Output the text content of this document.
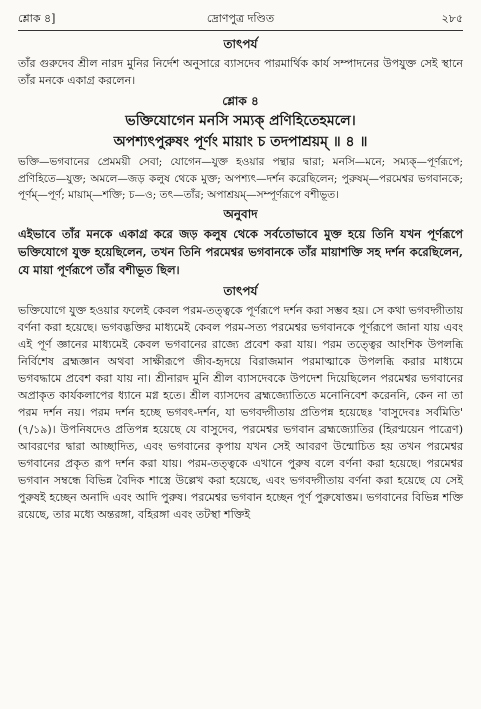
শ্লোক ৪]	দ্রোণপুত্র দণ্ডিত	২৮৫
তাৎপর্য

তাঁর গুরুদেব শ্রীল নারদ মুনির নির্দেশ অনুসারে ব্যাসদেব পারমার্থিক কার্য সম্পাদনের উপযুক্ত সেই স্থানে তাঁর মনকে একাগ্র করলেন।

শ্লোক ৪
ভক্তিযোগেন মনসি সম্যক্ প্রণিহিতেহমলে।
অপশ্যৎপুরুষং পূর্ণং মায়াং চ তদপাশ্রয়ম্ ॥ ৪ ॥

ভক্তি—ভগবানের প্রেমময়ী সেবা; যোগেন—যুক্ত হওয়ার পন্থার দ্বারা; মনসি—মনে; সম্যক্—পূর্ণরূপে; প্রণিহিতে—যুক্ত; অমলে—জড় কলুষ থেকে মুক্ত; অপশ্যৎ—দর্শন করেছিলেন; পুরুষম্—পরমেশ্বর ভগবানকে; পূর্ণম্—পূর্ণ; মায়াম্—শক্তি; চ—ও; তৎ—তাঁর; অপাশ্রয়ম্—সম্পূর্ণরূপে বশীভূত।

অনুবাদ

এইভাবে তাঁর মনকে একাগ্র করে জড় কলুষ থেকে সর্বতোভাবে মুক্ত হয়ে তিনি যখন পূর্ণরূপে ভক্তিযোগে যুক্ত হয়েছিলেন, তখন তিনি পরমেশ্বর ভগবানকে তাঁর মায়াশক্তি সহ দর্শন করেছিলেন, যে মায়া পূর্ণরূপে তাঁর বশীভূত ছিল।

তাৎপর্য

ভক্তিযোগে যুক্ত হওয়ার ফলেই কেবল পরম-তত্ত্বকে পূর্ণরূপে দর্শন করা সম্ভব হয়। সে কথা ভগবদ্গীতায় বর্ণনা করা হয়েছে। ভগবদ্ভক্তির মাধ্যমেই কেবল পরম-সত্য পরমেশ্বর ভগবানকে পূর্ণরূপে জানা যায় এবং এই পূর্ণ জ্ঞানের মাধ্যমেই কেবল ভগবানের রাজ্যে প্রবেশ করা যায়। পরম তত্ত্বের আংশিক উপলব্ধি নির্বিশেষ ব্রহ্মজ্ঞান অথবা সাক্ষীরূপে জীব-হৃদয়ে বিরাজমান পরমাত্মাকে উপলব্ধি করার মাধ্যমে ভগবদ্ধামে প্রবেশ করা যায় না। শ্রীনারদ মুনি শ্রীল ব্যাসদেবকে উপদেশ দিয়েছিলেন পরমেশ্বর ভগবানের অপ্রাকৃত কার্যকলাপের ধ্যানে মগ্ন হতে। শ্রীল ব্যাসদেব ব্রহ্মজ্যোতিতে মনোনিবেশ করেননি, কেন না তা পরম দর্শন নয়। পরম দর্শন হচ্ছে ভগবৎ-দর্শন, যা ভগবদ্গীতায় প্রতিপন্ন হয়েছেঃ 'বাসুদেবঃ সর্বমিতি' (৭/১৯)। উপনিষদেও প্রতিপন্ন হয়েছে যে বাসুদেব, পরমেশ্বর ভগবান ব্রহ্মজ্যোতির (হিরণ্ময়েন পাত্রেণ) আবরণের দ্বারা আচ্ছাদিত, এবং ভগবানের কৃপায় যখন সেই আবরণ উন্মোচিত হয় তখন পরমেশ্বর ভগবানের প্রকৃত রূপ দর্শন করা যায়। পরম-তত্ত্বকে এখানে পুরুষ বলে বর্ণনা করা হয়েছে। পরমেশ্বর ভগবান সম্বন্ধে বিভিন্ন বৈদিক শাস্ত্রে উল্লেখ করা হয়েছে, এবং ভগবদ্গীতায় বর্ণনা করা হয়েছে যে সেই পুরুষই হচ্ছেন অনাদি এবং আদি পুরুষ। পরমেশ্বর ভগবান হচ্ছেন পূর্ণ পুরুষোত্তম। ভগবানের বিভিন্ন শক্তি রয়েছে, তার মধ্যে অন্তরঙ্গা, বহিরঙ্গা এবং তটস্থা শক্তিই
